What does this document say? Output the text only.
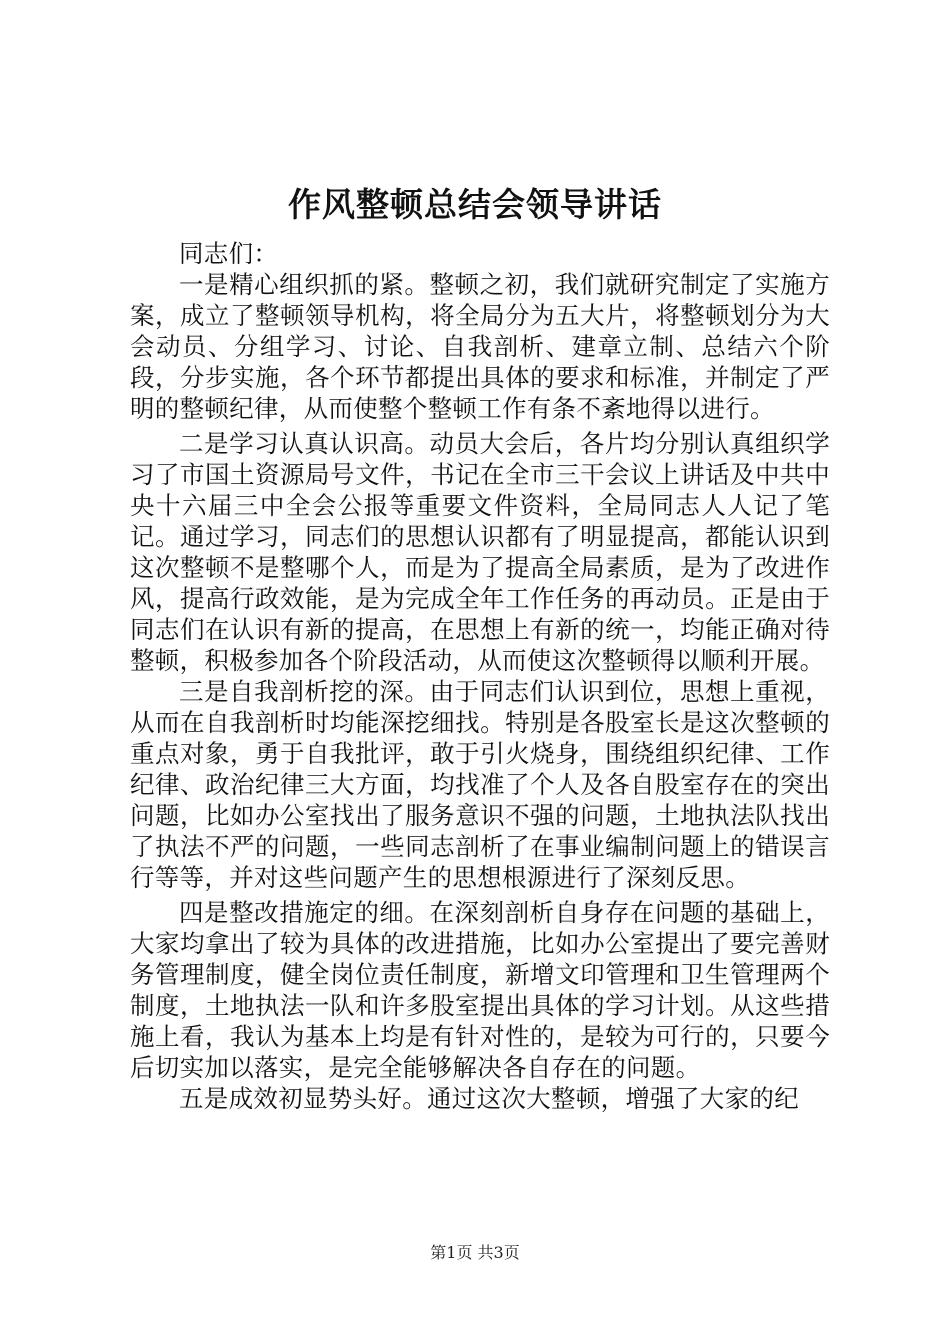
作风整顿总结会领导讲话

同志们：

一是精心组织抓的紧。整顿之初，我们就研究制定了实施方案，成立了整顿领导机构，将全局分为五大片，将整顿划分为大会动员、分组学习、讨论、自我剖析、建章立制、总结六个阶段，分步实施，各个环节都提出具体的要求和标准，并制定了严明的整顿纪律，从而使整个整顿工作有条不紊地得以进行。

二是学习认真认识高。动员大会后，各片均分别认真组织学习了市国土资源局号文件，书记在全市三干会议上讲话及中共中央十六届三中全会公报等重要文件资料，全局同志人人记了笔记。通过学习，同志们的思想认识都有了明显提高，都能认识到这次整顿不是整哪个人，而是为了提高全局素质，是为了改进作风，提高行政效能，是为完成全年工作任务的再动员。正是由于同志们在认识有新的提高，在思想上有新的统一，均能正确对待整顿，积极参加各个阶段活动，从而使这次整顿得以顺利开展。

三是自我剖析挖的深。由于同志们认识到位，思想上重视，从而在自我剖析时均能深挖细找。特别是各股室长是这次整顿的重点对象，勇于自我批评，敢于引火烧身，围绕组织纪律、工作纪律、政治纪律三大方面，均找准了个人及各自股室存在的突出问题，比如办公室找出了服务意识不强的问题，土地执法队找出了执法不严的问题，一些同志剖析了在事业编制问题上的错误言行等等，并对这些问题产生的思想根源进行了深刻反思。

四是整改措施定的细。在深刻剖析自身存在问题的基础上，大家均拿出了较为具体的改进措施，比如办公室提出了要完善财务管理制度，健全岗位责任制度，新增文印管理和卫生管理两个制度，土地执法一队和许多股室提出具体的学习计划。从这些措施上看，我认为基本上均是有针对性的，是较为可行的，只要今后切实加以落实，是完全能够解决各自存在的问题。

五是成效初显势头好。通过这次大整顿，增强了大家的纪

第1页 共3页
